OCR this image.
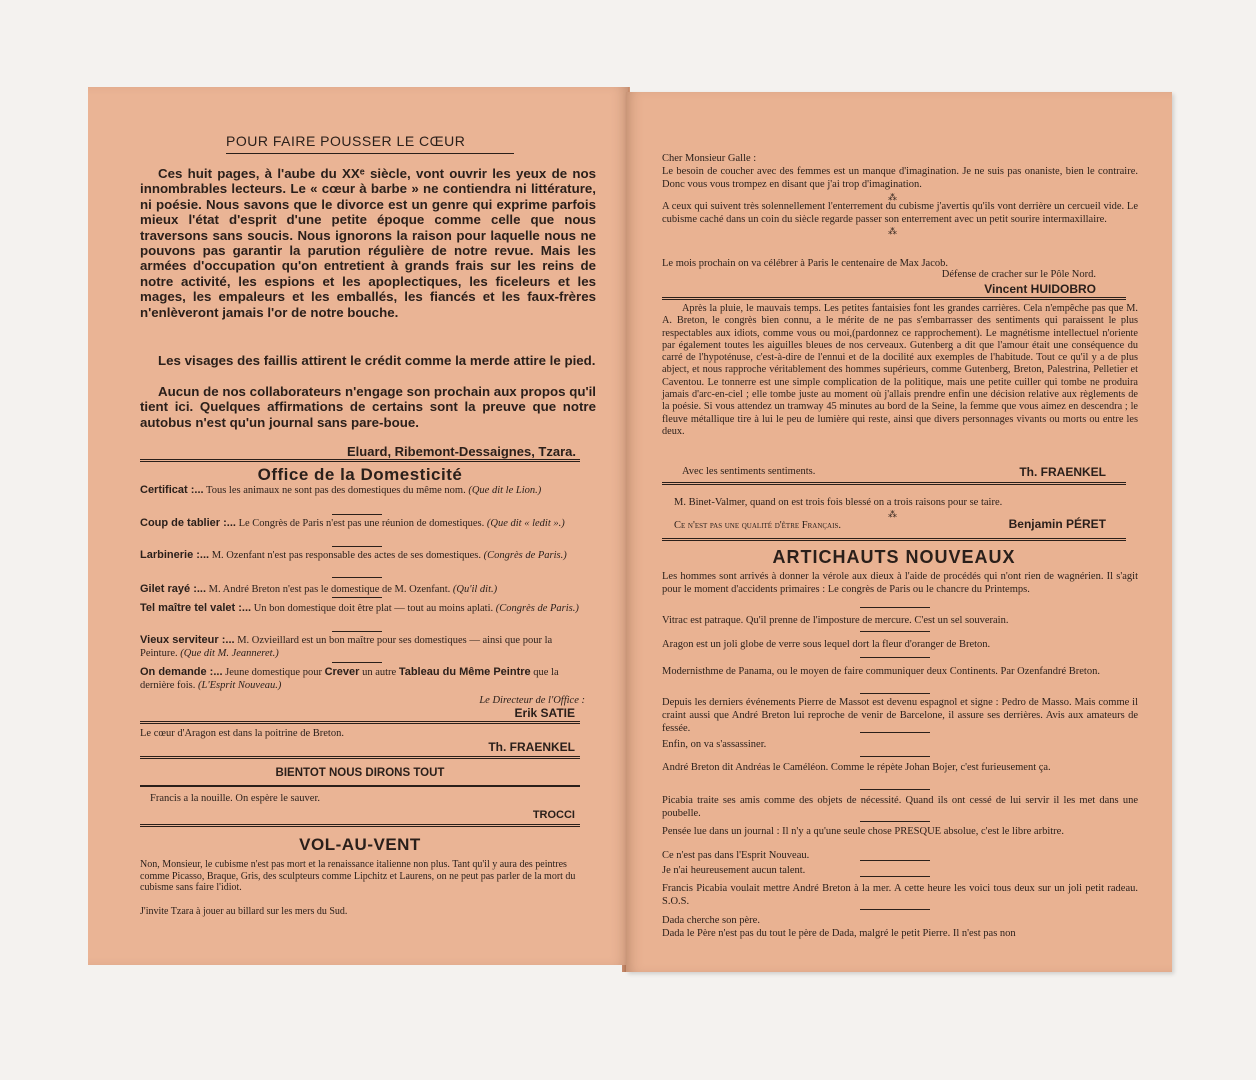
POUR FAIRE POUSSER LE CŒUR
Ces huit pages, à l'aube du XXᵉ siècle, vont ouvrir les yeux de nos innombrables lecteurs. Le « cœur à barbe » ne contiendra ni littérature, ni poésie. Nous savons que le divorce est un genre qui exprime parfois mieux l'état d'esprit d'une petite époque comme celle que nous traversons sans soucis. Nous ignorons la raison pour laquelle nous ne pouvons pas garantir la parution régulière de notre revue. Mais les armées d'occupation qu'on entretient à grands frais sur les reins de notre activité, les espions et les apoplectiques, les ficeleurs et les mages, les empaleurs et les emballés, les fiancés et les faux-frères n'enlèveront jamais l'or de notre bouche.
Les visages des faillis attirent le crédit comme la merde attire le pied.
Aucun de nos collaborateurs n'engage son prochain aux propos qu'il tient ici. Quelques affirmations de certains sont la preuve que notre autobus n'est qu'un journal sans pare-boue.
Eluard, Ribemont-Dessaignes, Tzara.
Office de la Domesticité
Certificat :... Tous les animaux ne sont pas des domestiques du même nom. (Que dit le Lion.)
Coup de tablier :... Le Congrès de Paris n'est pas une réunion de domestiques. (Que dit « ledit ».)
Larbinerie :... M. Ozenfant n'est pas responsable des actes de ses domestiques. (Congrès de Paris.)
Gilet rayé :... M. André Breton n'est pas le domestique de M. Ozenfant. (Qu'il dit.)
Tel maître tel valet :... Un bon domestique doit être plat — tout au moins aplati. (Congrès de Paris.)
Vieux serviteur :... M. Ozvieillard est un bon maître pour ses domestiques — ainsi que pour la Peinture. (Que dit M. Jeanneret.)
On demande :... Jeune domestique pour Crever un autre Tableau du Même Peintre que la dernière fois. (L'Esprit Nouveau.)
Le Directeur de l'Office :
Erik SATIE
Le cœur d'Aragon est dans la poitrine de Breton.
Th. FRAENKEL
BIENTOT NOUS DIRONS TOUT
Francis a la nouille. On espère le sauver.
TROCCI
VOL-AU-VENT
Non, Monsieur, le cubisme n'est pas mort et la renaissance italienne non plus. Tant qu'il y aura des peintres comme Picasso, Braque, Gris, des sculpteurs comme Lipchitz et Laurens, on ne peut pas parler de la mort du cubisme sans faire l'idiot.
J'invite Tzara à jouer au billard sur les mers du Sud.
Cher Monsieur Galle :
Le besoin de coucher avec des femmes est un manque d'imagination. Je ne suis pas onaniste, bien le contraire. Donc vous vous trompez en disant que j'ai trop d'imagination.
⁂
A ceux qui suivent très solennellement l'enterrement du cubisme j'avertis qu'ils vont derrière un cercueil vide. Le cubisme caché dans un coin du siècle regarde passer son enterrement avec un petit sourire intermaxillaire.
⁂
Le mois prochain on va célébrer à Paris le centenaire de Max Jacob.
Défense de cracher sur le Pôle Nord.
Vincent HUIDOBRO
Après la pluie, le mauvais temps. Les petites fantaisies font les grandes carrières. Cela n'empêche pas que M. A. Breton, le congrès bien connu, a le mérite de ne pas s'embarrasser des sentiments qui paraissent le plus respectables aux idiots, comme vous ou moi,(pardonnez ce rapprochement). Le magnétisme intellectuel n'oriente par également toutes les aiguilles bleues de nos cerveaux. Gutenberg a dit que l'amour était une conséquence du carré de l'hypoténuse, c'est-à-dire de l'ennui et de la docilité aux exemples de l'habitude. Tout ce qu'il y a de plus abject, et nous rapproche véritablement des hommes supérieurs, comme Gutenberg, Breton, Palestrina, Pelletier et Caventou. Le tonnerre est une simple complication de la politique, mais une petite cuiller qui tombe ne produira jamais d'arc-en-ciel ; elle tombe juste au moment où j'allais prendre enfin une décision relative aux règlements de la poésie. Si vous attendez un tramway 45 minutes au bord de la Seine, la femme que vous aimez en descendra ; le fleuve métallique tire à lui le peu de lumière qui reste, ainsi que divers personnages vivants ou morts ou entre les deux.
Avec les sentiments sentiments.	Th. FRAENKEL
M. Binet-Valmer, quand on est trois fois blessé on a trois raisons pour se taire.
⁂
Ce n'est pas une qualité d'être Français.	Benjamin PÉRET
ARTICHAUTS NOUVEAUX
Les hommes sont arrivés à donner la vérole aux dieux à l'aide de procédés qui n'ont rien de wagnérien. Il s'agit pour le moment d'accidents primaires : Le congrès de Paris ou le chancre du Printemps.
Vitrac est patraque. Qu'il prenne de l'imposture de mercure. C'est un sel souverain.
Aragon est un joli globe de verre sous lequel dort la fleur d'oranger de Breton.
Modernisthme de Panama, ou le moyen de faire communiquer deux Continents. Par Ozenfandré Breton.
Depuis les derniers événements Pierre de Massot est devenu espagnol et signe : Pedro de Masso. Mais comme il craint aussi que André Breton lui reproche de venir de Barcelone, il assure ses derrières. Avis aux amateurs de fessée.
Enfin, on va s'assassiner.
André Breton dit Andréas le Caméléon. Comme le répète Johan Bojer, c'est furieusement ça.
Picabia traite ses amis comme des objets de nécessité. Quand ils ont cessé de lui servir il les met dans une poubelle.
Pensée lue dans un journal : Il n'y a qu'une seule chose PRESQUE absolue, c'est le libre arbitre.
Ce n'est pas dans l'Esprit Nouveau.
Je n'ai heureusement aucun talent.
Francis Picabia voulait mettre André Breton à la mer. A cette heure les voici tous deux sur un joli petit radeau. S.O.S.
Dada cherche son père.
Dada le Père n'est pas du tout le père de Dada, malgré le petit Pierre. Il n'est pas non
